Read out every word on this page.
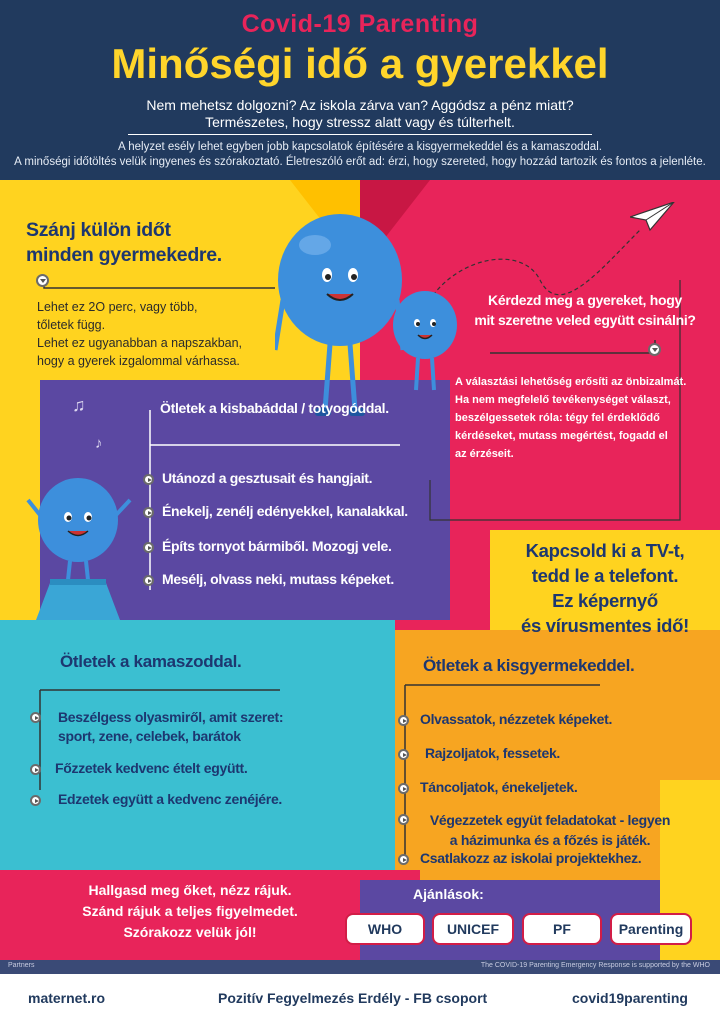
Covid-19 Parenting
Minőségi idő a gyerekkel
Nem mehetsz dolgozni? Az iskola zárva van? Aggódsz a pénz miatt?
Természetes, hogy stressz alatt vagy és túlterhelt.
A helyzet esély lehet egyben jobb kapcsolatok építésére a kisgyermekeddel és a kamaszoddal.
A minőségi időtöltés velük ingyenes és szórakoztató. Életreszóló erőt ad: érzi, hogy szereted, hogy hozzád tartozik és fontos a jelenléte.
♫
♪
Szánj külön időt
minden gyermekedre.
Lehet ez 2O perc, vagy több,
tőletek függ.
Lehet ez ugyanabban a napszakban,
hogy a gyerek izgalommal várhassa.
Kérdezd meg a gyereket, hogy
mit szeretne veled együtt csinálni?
A választási lehetőség erősíti az önbizalmát.
Ha nem megfelelő tevékenységet választ,
beszélgessetek róla: tégy fel érdeklődő
kérdéseket, mutass megértést, fogadd el
az érzéseit.
Ötletek a kisbabáddal / totyogóddal.
Utánozd a gesztusait és hangjait.
Énekelj, zenélj edényekkel, kanalakkal.
Építs tornyot bármiből. Mozogj vele.
Mesélj, olvass neki, mutass képeket.
Kapcsold ki a TV-t,
tedd le a telefont.
Ez képernyő
és vírusmentes idő!
Ötletek a kamaszoddal.
Beszélgess olyasmiről, amit szeret:
sport, zene, celebek, barátok
Főzzetek kedvenc ételt együtt.
Edzetek együtt a kedvenc zenéjére.
Ötletek a kisgyermekeddel.
Olvassatok, nézzetek képeket.
Rajzoljatok, fessetek.
Táncoljatok, énekeljetek.
Végezzetek együt feladatokat - legyen
a házimunka és a főzés is játék.
Csatlakozz az iskolai projektekhez.
Hallgasd meg őket, nézz rájuk.
Szánd rájuk a teljes figyelmedet.
Szórakozz velük jól!
Ajánlások:
WHO	UNICEF	PF	Parenting
Partners	The COVID-19 Parenting Emergency Response is supported by the WHO
maternet.ro	Pozitív Fegyelmezés Erdély - FB csoport	covid19parenting
